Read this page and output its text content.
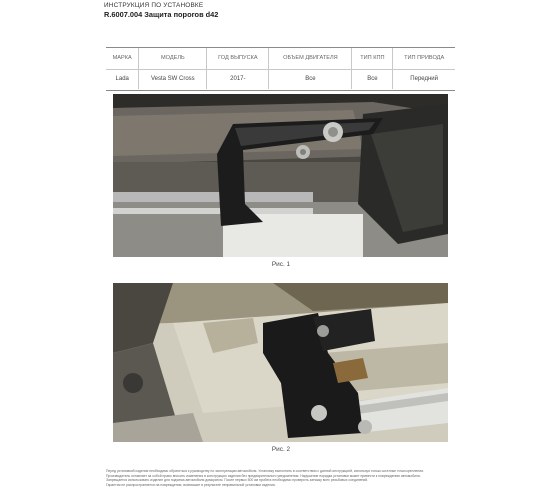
ИНСТРУКЦИЯ ПО УСТАНОВКЕ
R.6007.004 Защита порогов d42
МАРКА	МОДЕЛЬ	ГОД ВЫПУСКА	ОБЪЕМ ДВИГАТЕЛЯ	ТИП КПП	ТИП ПРИВОДА
Lada	Vesta SW Cross	2017-	Все	Все	Передний
Рис. 1
Рис. 2

Перед установкой изделия необходимо обратиться к руководству по эксплуатации автомобиля. Установку выполнять в соответствии с данной инструкцией, используя только штатные точки крепления.

Производитель оставляет за собой право вносить изменения в конструкцию изделия без предварительного уведомления. Нарушение порядка установки может привести к повреждению автомобиля.

Запрещается использовать изделие для подъема автомобиля домкратом. После первых 500 км пробега необходимо проверить затяжку всех резьбовых соединений.

Гарантия не распространяется на повреждения, возникшие в результате неправильной установки изделия.
